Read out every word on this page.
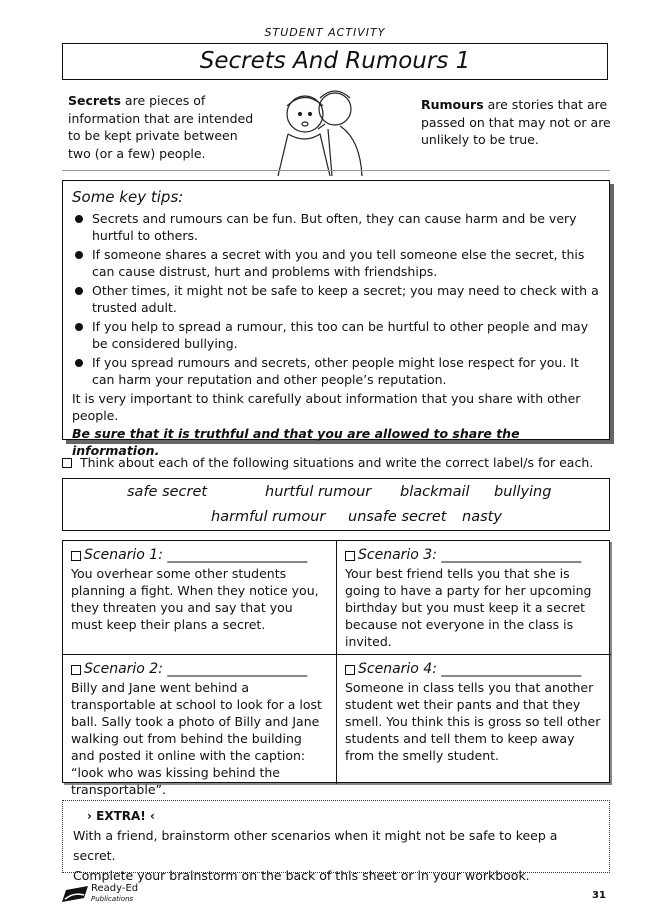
STUDENT ACTIVITY
Secrets And Rumours 1
Secrets are pieces of information that are intended to be kept private between two (or a few) people.
Rumours are stories that are passed on that may not or are unlikely to be true.
Some key tips:
Secrets and rumours can be fun. But often, they can cause harm and be very hurtful to others.
If someone shares a secret with you and you tell someone else the secret, this can cause distrust, hurt and problems with friendships.
Other times, it might not be safe to keep a secret; you may need to check with a trusted adult.
If you help to spread a rumour, this too can be hurtful to other people and may be considered bullying.
If you spread rumours and secrets, other people might lose respect for you. It can harm your reputation and other people’s reputation.

It is very important to think carefully about information that you share with other people.

Be sure that it is truthful and that you are allowed to share the information.

Think about each of the following situations and write the correct label/s for each.
safe secret	hurtful rumour blackmail bullying
harmful rumour unsafe secret nasty
Scenario 1: ____________________
You overhear some other students planning a fight. When they notice you, they threaten you and say that you must keep their plans a secret.
Scenario 3: ____________________
Your best friend tells you that she is going to have a party for her upcoming birthday but you must keep it a secret because not everyone in the class is invited.
Scenario 2: ____________________
Billy and Jane went behind a transportable at school to look for a lost ball. Sally took a photo of Billy and Jane walking out from behind the building and posted it online with the caption: “look who was kissing behind the transportable”.
Scenario 4: ____________________
Someone in class tells you that another student wet their pants and that they smell. You think this is gross so tell other students and tell them to keep away from the smelly student.
› EXTRA! ‹
With a friend, brainstorm other scenarios when it might not be safe to keep a secret.
Complete your brainstorm on the back of this sheet or in your workbook.
Ready-Ed
Publications	31
